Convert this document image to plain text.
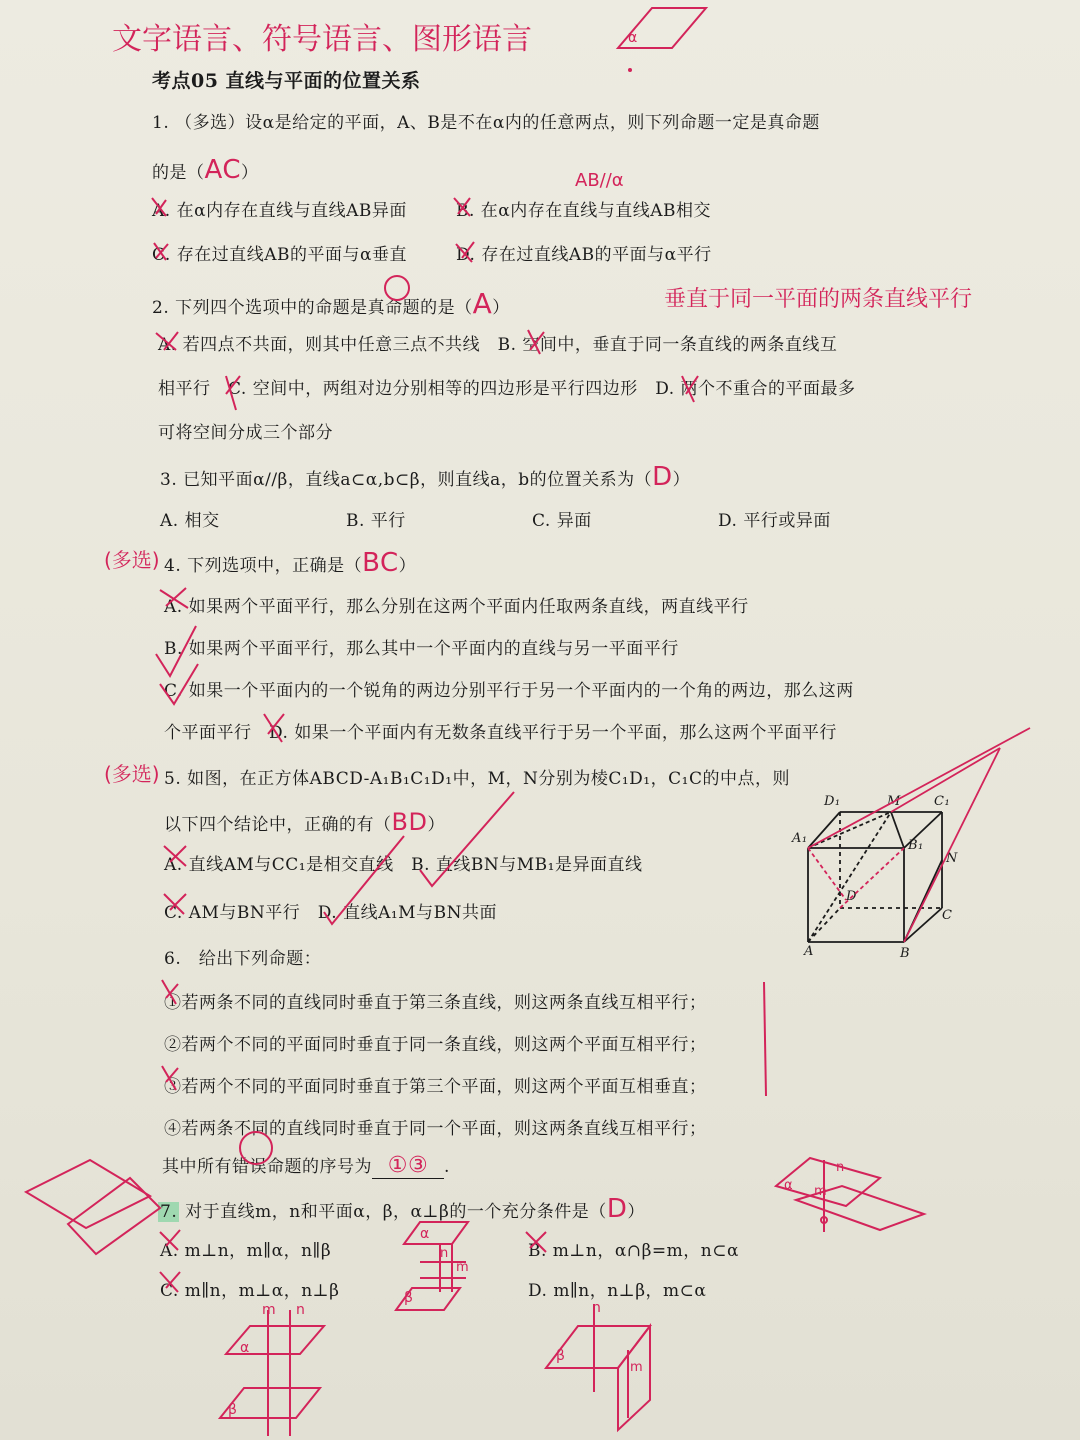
文字语言、符号语言、图形语言
考点05 直线与平面的位置关系
1. （多选）设α是给定的平面，A、B是不在α内的任意两点，则下列命题一定是真命题
的是（AC）	AB//α
A. 在α内存在直线与直线AB异面	B. 在α内存在直线与直线AB相交
C. 存在过直线AB的平面与α垂直	D. 存在过直线AB的平面与α平行
2. 下列四个选项中的命题是真命题的是（A）	垂直于同一平面的两条直线平行
A. 若四点不共面，则其中任意三点不共线　B. 空间中，垂直于同一条直线的两条直线互
相平行　C. 空间中，两组对边分别相等的四边形是平行四边形　D. 两个不重合的平面最多
可将空间分成三个部分
3. 已知平面α//β，直线a⊂α,b⊂β，则直线a，b的位置关系为（D）
A. 相交	B. 平行	C. 异面	D. 平行或异面
(多选) 4. 下列选项中，正确是（BC）
A. 如果两个平面平行，那么分别在这两个平面内任取两条直线，两直线平行
B. 如果两个平面平行，那么其中一个平面内的直线与另一平面平行
C. 如果一个平面内的一个锐角的两边分别平行于另一个平面内的一个角的两边，那么这两
个平面平行　D. 如果一个平面内有无数条直线平行于另一个平面，那么这两个平面平行
(多选) 5. 如图，在正方体ABCD-A₁B₁C₁D₁中，M，N分别为棱C₁D₁，C₁C的中点，则
以下四个结论中，正确的有（BD）
A. 直线AM与CC₁是相交直线　B. 直线BN与MB₁是异面直线
C. AM与BN平行　D. 直线A₁M与BN共面
D₁	M	C₁
A₁	B₁
N
D
C
A	B
6.　给出下列命题：
①若两条不同的直线同时垂直于第三条直线，则这两条直线互相平行；
②若两个不同的平面同时垂直于同一条直线，则这两个平面互相平行；
③若两个不同的平面同时垂直于第三个平面，则这两个平面互相垂直；
④若两条不同的直线同时垂直于同一个平面，则这两条直线互相平行；
其中所有错误命题的序号为 ①③ .
7. 对于直线m，n和平面α，β，α⊥β的一个充分条件是（D）
A. m⊥n，m∥α，n∥β	B. m⊥n，α∩β=m，n⊂α
C. m∥n，m⊥α，n⊥β	D. m∥n，n⊥β，m⊂α
α
α
β
n
m
m n
α
β
n
β
m
α
n
m
